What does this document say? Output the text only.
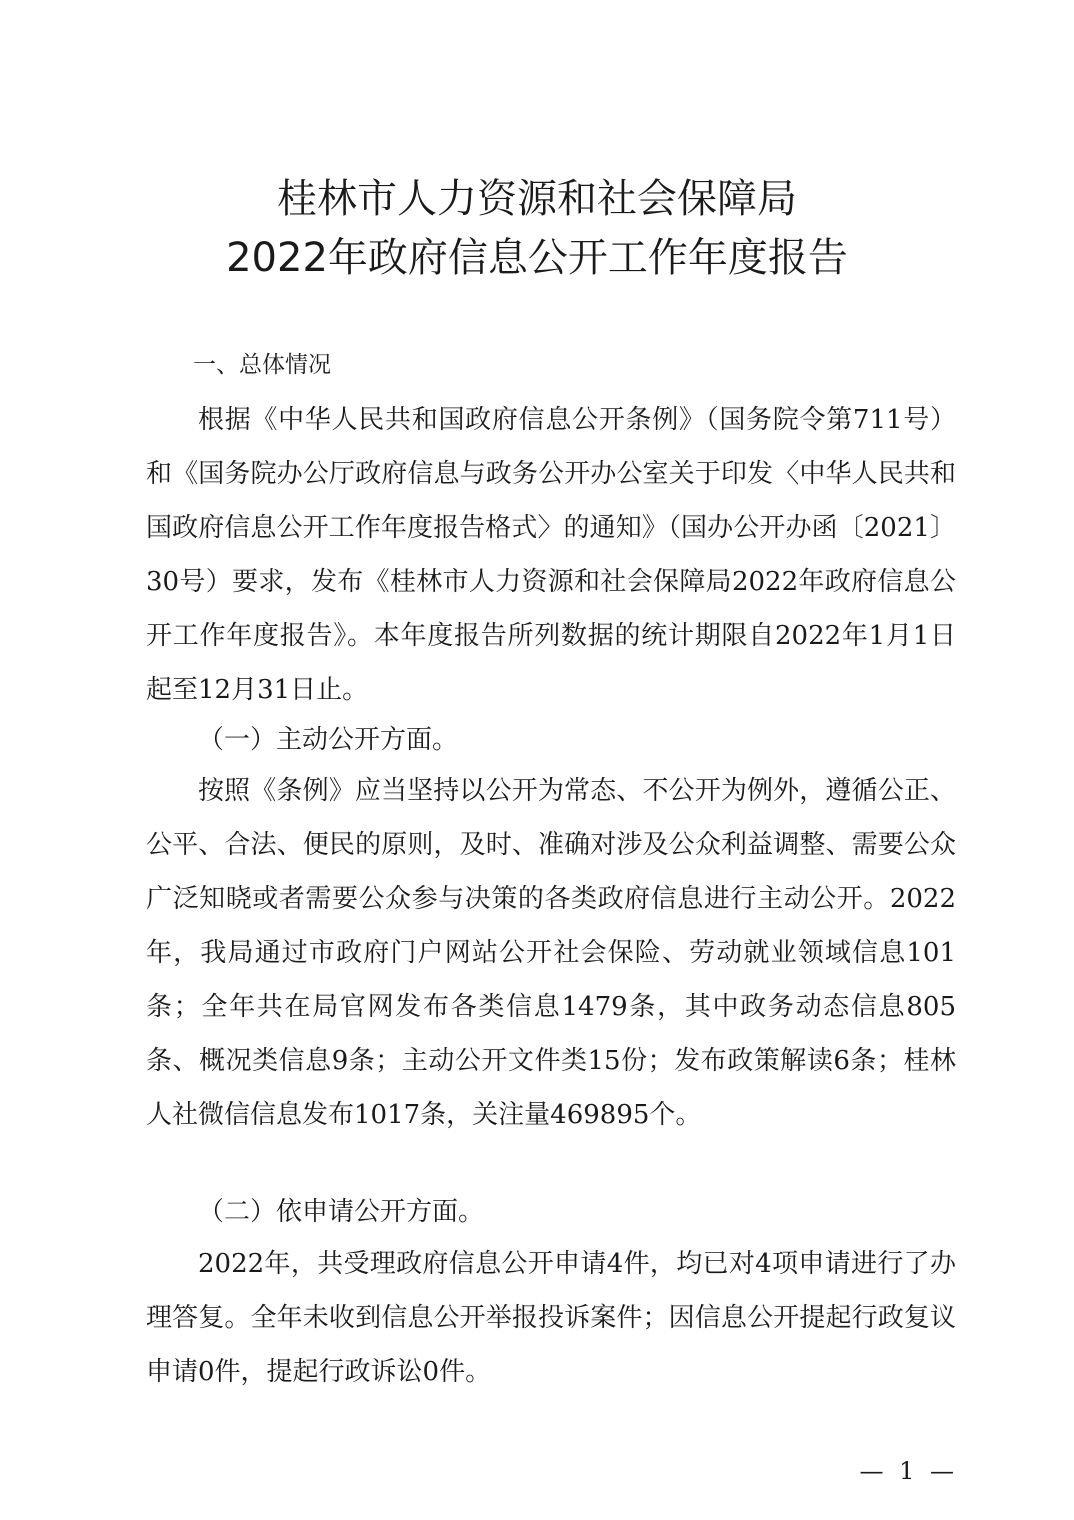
桂林市人力资源和社会保障局
2022年政府信息公开工作年度报告
一、总体情况

根据《中华人民共和国政府信息公开条例》（国务院令第711号）和《国务院办公厅政府信息与政务公开办公室关于印发〈中华人民共和国政府信息公开工作年度报告格式〉的通知》（国办公开办函〔2021〕30号）要求，发布《桂林市人力资源和社会保障局2022年政府信息公开工作年度报告》。本年度报告所列数据的统计期限自2022年1月1日起至12月31日止。

（一）主动公开方面。

按照《条例》应当坚持以公开为常态、不公开为例外，遵循公正、公平、合法、便民的原则，及时、准确对涉及公众利益调整、需要公众广泛知晓或者需要公众参与决策的各类政府信息进行主动公开。2022年，我局通过市政府门户网站公开社会保险、劳动就业领域信息101条；全年共在局官网发布各类信息1479条，其中政务动态信息805条、概况类信息9条；主动公开文件类15份；发布政策解读6条；桂林人社微信信息发布1017条，关注量469895个。

（二）依申请公开方面。

2022年，共受理政府信息公开申请4件，均已对4项申请进行了办理答复。全年未收到信息公开举报投诉案件；因信息公开提起行政复议申请0件，提起行政诉讼0件。

— 1 —
